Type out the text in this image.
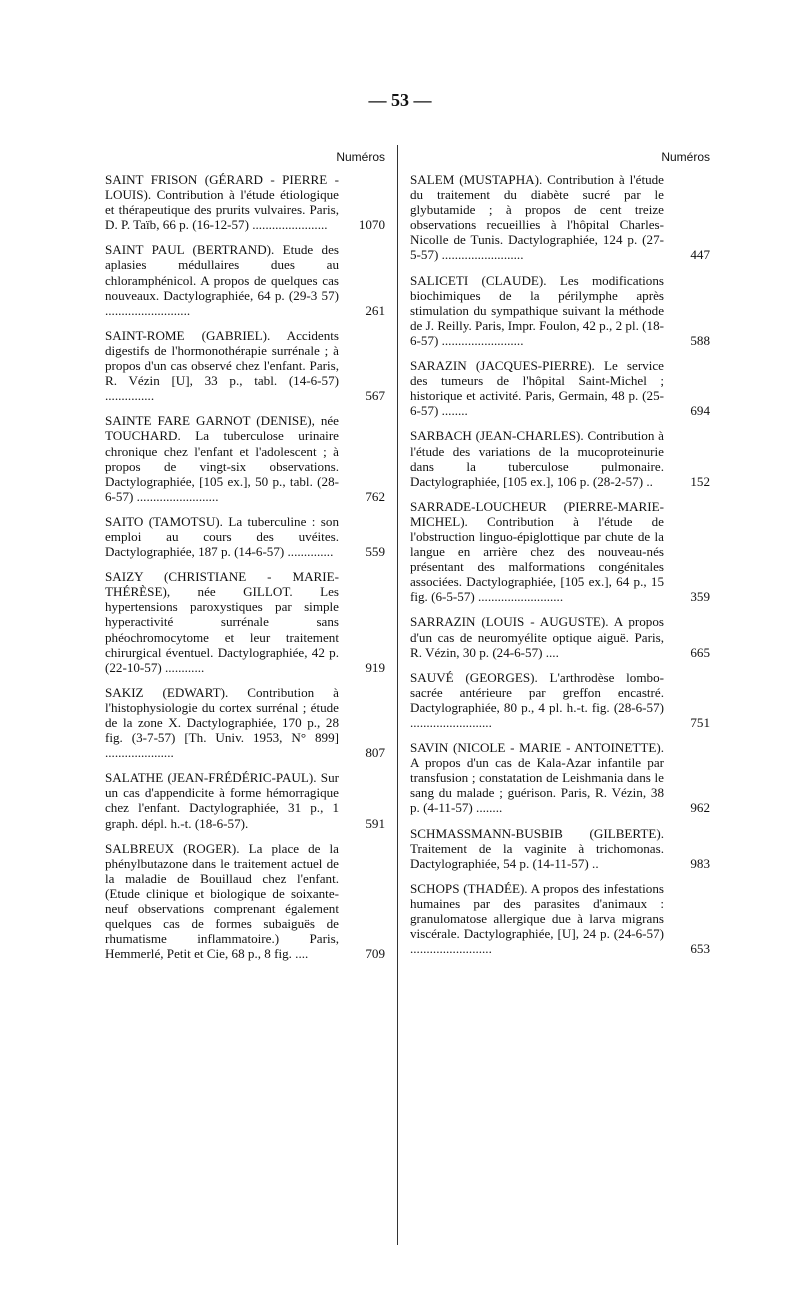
— 53 —
Numéros
SAINT FRISON (GÉRARD - PIERRE - LOUIS). Contribution à l'étude étiologique et thérapeutique des prurits vulvaires. Paris, D. P. Taïb, 66 p. (16-12-57) .......................	1070
SAINT PAUL (BERTRAND). Etude des aplasies médullaires dues au chloramphénicol. A propos de quelques cas nouveaux. Dactylographiée, 64 p. (29-3 57) ..........................	261
SAINT-ROME (GABRIEL). Accidents digestifs de l'hormonothérapie surrénale ; à propos d'un cas observé chez l'enfant. Paris, R. Vézin [U], 33 p., tabl. (14-6-57) ...............	567
SAINTE FARE GARNOT (DENISE), née TOUCHARD. La tuberculose urinaire chronique chez l'enfant et l'adolescent ; à propos de vingt-six observations. Dactylographiée, [105 ex.], 50 p., tabl. (28-6-57) .........................	762
SAITO (TAMOTSU). La tuberculine : son emploi au cours des uvéites. Dactylographiée, 187 p. (14-6-57) ..............	559
SAIZY (CHRISTIANE - MARIE-THÉRÈSE), née GILLOT. Les hypertensions paroxystiques par simple hyperactivité surrénale sans phéochromocytome et leur traitement chirurgical éventuel. Dactylographiée, 42 p. (22-10-57) ............	919
SAKIZ (EDWART). Contribution à l'histophysiologie du cortex surrénal ; étude de la zone X. Dactylographiée, 170 p., 28 fig. (3-7-57) [Th. Univ. 1953, N° 899] .....................	807
SALATHE (JEAN-FRÉDÉRIC-PAUL). Sur un cas d'appendicite à forme hémorragique chez l'enfant. Dactylographiée, 31 p., 1 graph. dépl. h.-t. (18-6-57).	591
SALBREUX (ROGER). La place de la phénylbutazone dans le traitement actuel de la maladie de Bouillaud chez l'enfant. (Etude clinique et biologique de soixante-neuf observations comprenant également quelques cas de formes subaiguës de rhumatisme inflammatoire.) Paris, Hemmerlé, Petit et Cie, 68 p., 8 fig. ....	709
Numéros
SALEM (MUSTAPHA). Contribution à l'étude du traitement du diabète sucré par le glybutamide ; à propos de cent treize observations recueillies à l'hôpital Charles-Nicolle de Tunis. Dactylographiée, 124 p. (27-5-57) .........................	447
SALICETI (CLAUDE). Les modifications biochimiques de la périlymphe après stimulation du sympathique suivant la méthode de J. Reilly. Paris, Impr. Foulon, 42 p., 2 pl. (18-6-57) .........................	588
SARAZIN (JACQUES-PIERRE). Le service des tumeurs de l'hôpital Saint-Michel ; historique et activité. Paris, Germain, 48 p. (25-6-57) ........	694
SARBACH (JEAN-CHARLES). Contribution à l'étude des variations de la mucoproteinurie dans la tuberculose pulmonaire. Dactylographiée, [105 ex.], 106 p. (28-2-57) ..	152
SARRADE-LOUCHEUR (PIERRE-MARIE-MICHEL). Contribution à l'étude de l'obstruction linguo-épiglottique par chute de la langue en arrière chez des nouveau-nés présentant des malformations congénitales associées. Dactylographiée, [105 ex.], 64 p., 15 fig. (6-5-57) ..........................	359
SARRAZIN (LOUIS - AUGUSTE). A propos d'un cas de neuromyélite optique aiguë. Paris, R. Vézin, 30 p. (24-6-57) ....	665
SAUVÉ (GEORGES). L'arthrodèse lombo-sacrée antérieure par greffon encastré. Dactylographiée, 80 p., 4 pl. h.-t. fig. (28-6-57) .........................	751
SAVIN (NICOLE - MARIE - ANTOINETTE). A propos d'un cas de Kala-Azar infantile par transfusion ; constatation de Leishmania dans le sang du malade ; guérison. Paris, R. Vézin, 38 p. (4-11-57) ........	962
SCHMASSMANN-BUSBIB (GILBERTE). Traitement de la vaginite à trichomonas. Dactylographiée, 54 p. (14-11-57) ..	983
SCHOPS (THADÉE). A propos des infestations humaines par des parasites d'animaux : granulomatose allergique due à larva migrans viscérale. Dactylographiée, [U], 24 p. (24-6-57) .........................	653
